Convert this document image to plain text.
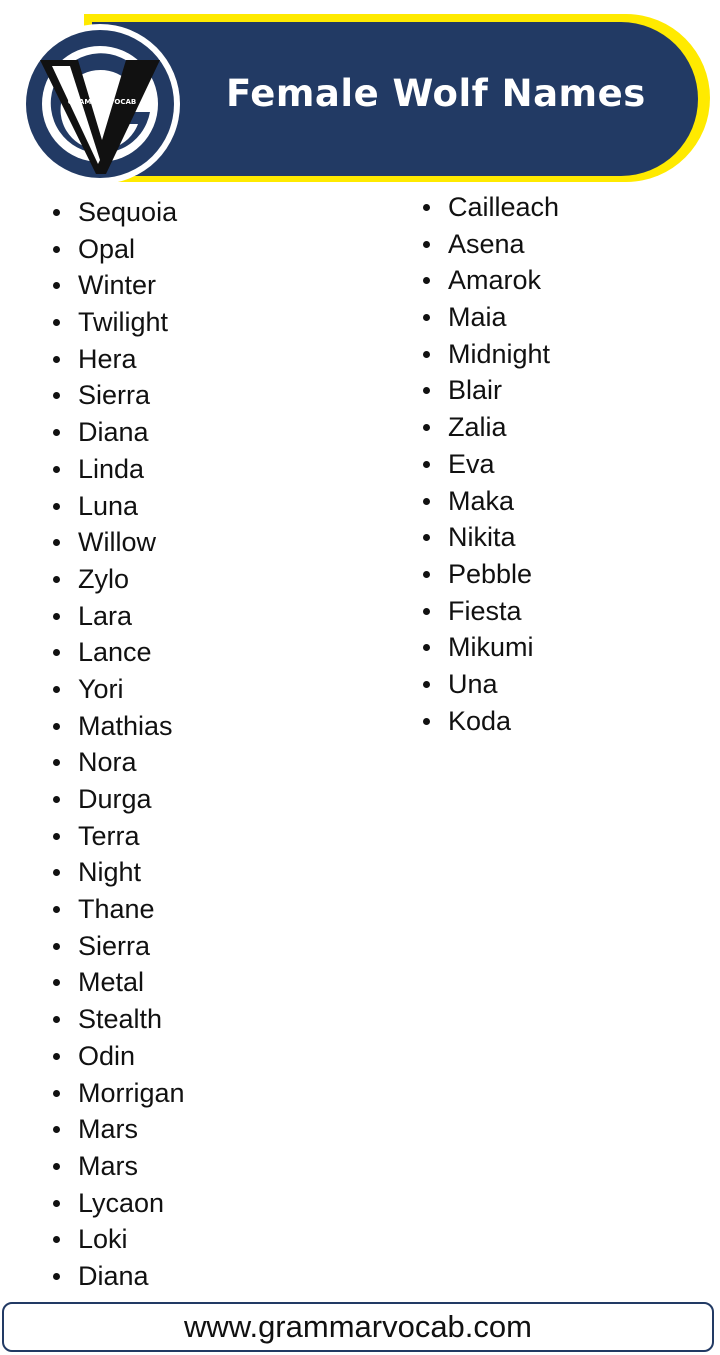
Female Wolf Names
GRAMMARVOCAB
Sequoia
Opal
Winter
Twilight
Hera
Sierra
Diana
Linda
Luna
Willow
Zylo
Lara
Lance
Yori
Mathias
Nora
Durga
Terra
Night
Thane
Sierra
Metal
Stealth
Odin
Morrigan
Mars
Mars
Lycaon
Loki
Diana
Cailleach
Asena
Amarok
Maia
Midnight
Blair
Zalia
Eva
Maka
Nikita
Pebble
Fiesta
Mikumi
Una
Koda
www.grammarvocab.com
